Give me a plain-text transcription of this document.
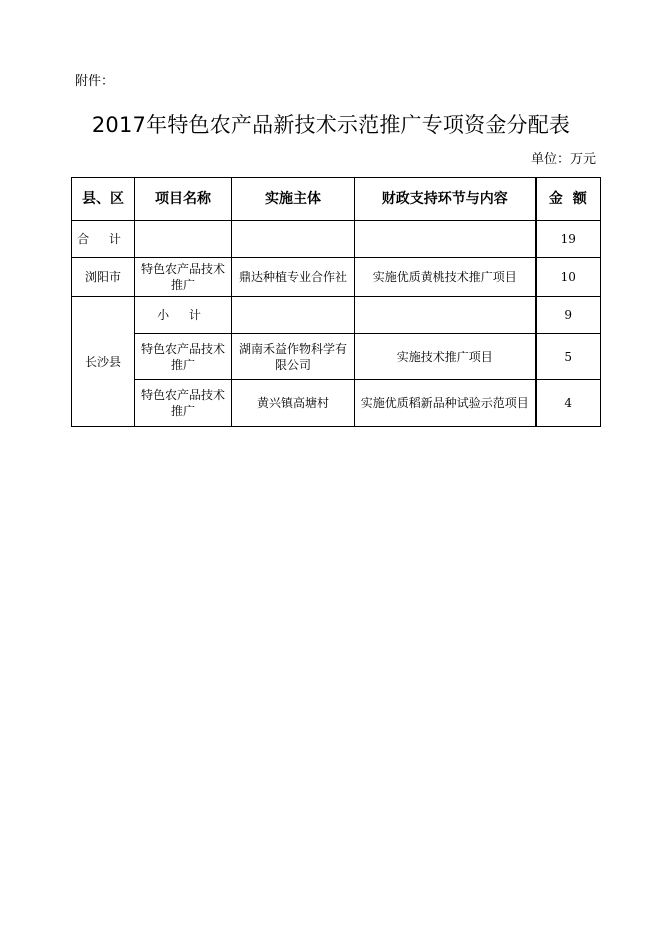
附件：
2017年特色农产品新技术示范推广专项资金分配表
单位：万元
县、区	项目名称	实施主体	财政支持环节与内容	金额
合 计				19
浏阳市	特色农产品技术推广	鼎达种植专业合作社	实施优质黄桃技术推广项目	10
长沙县	小 计			9
	特色农产品技术推广	湖南禾益作物科学有限公司	实施技术推广项目	5
	特色农产品技术推广	黄兴镇高塘村	实施优质稻新品种试验示范项目	4
